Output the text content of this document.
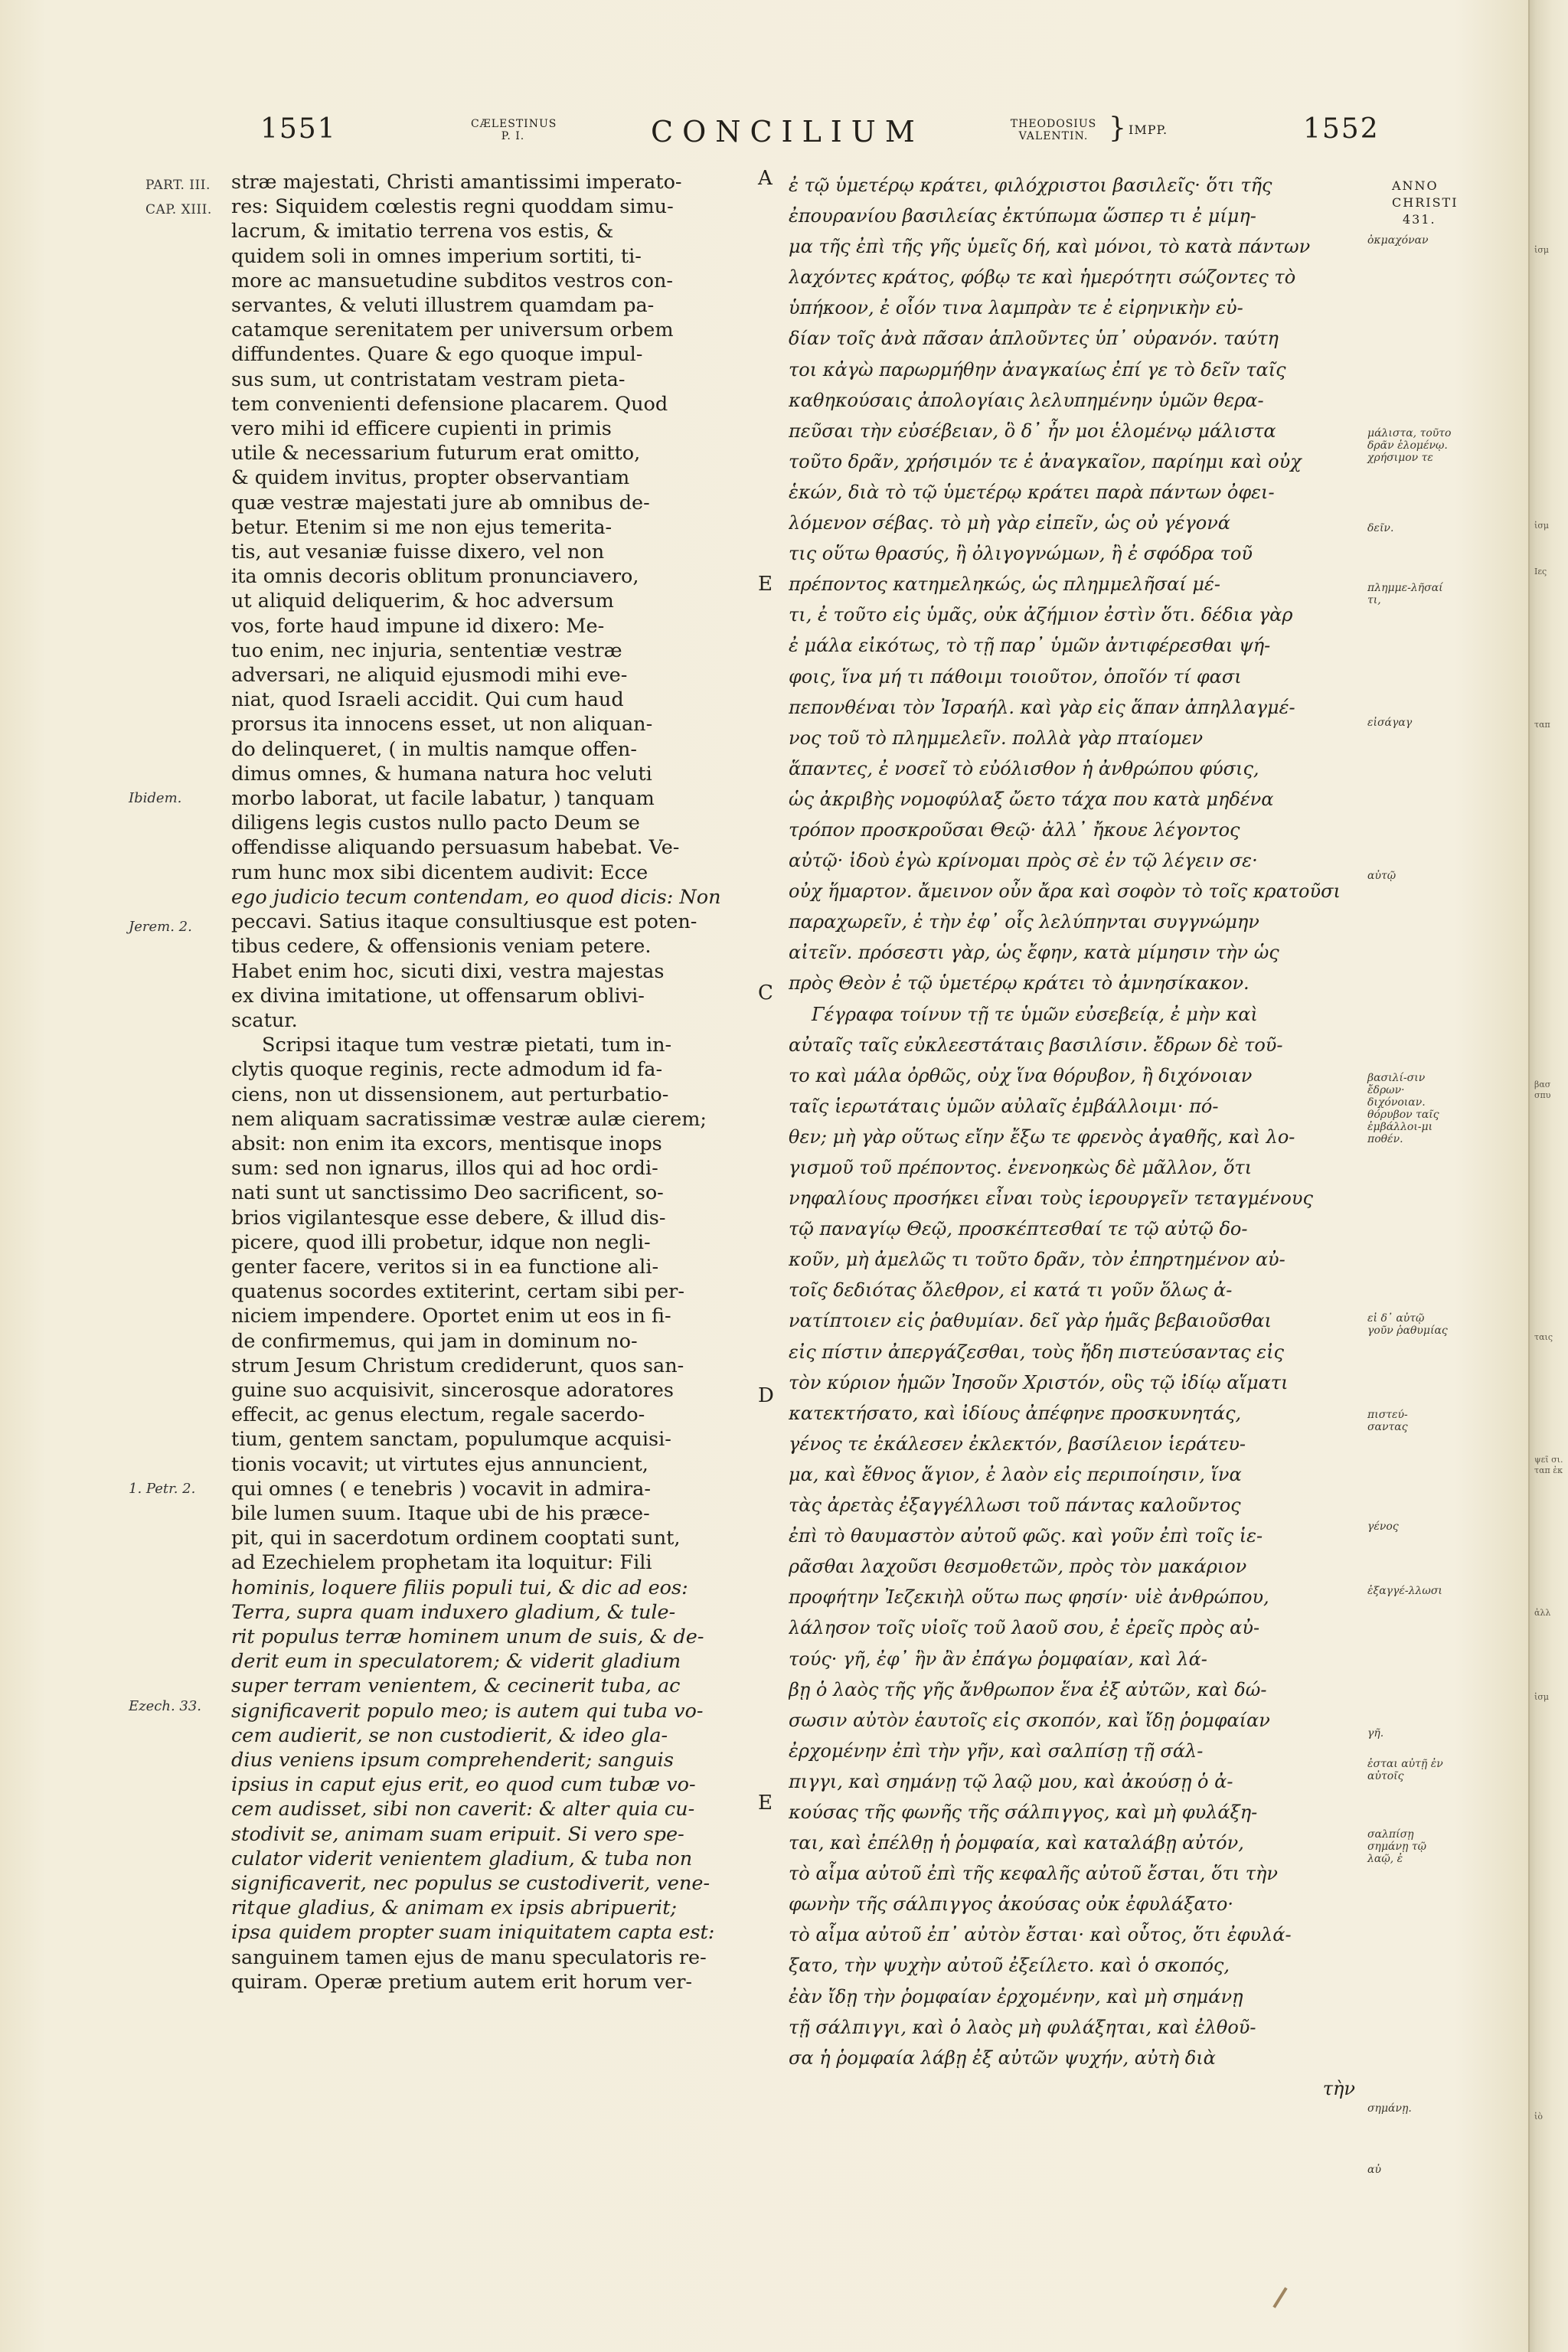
1551	CÆLESTINUS
P. I.	CONCILIUM	THEODOSIUS
VALENTIN. } IMPP.	1552
PART. III.
CAP. XIII.
Ibidem.
Jerem. 2.
1. Petr. 2.
Ezech. 33.
A
E
C
D
E
stræ majestati, Christi amantissimi imperato-
res: Siquidem cœlestis regni quoddam simu-
lacrum, & imitatio terrena vos estis, &
quidem soli in omnes imperium sortiti, ti-
more ac mansuetudine subditos vestros con-
servantes, & veluti illustrem quamdam pa-
catamque serenitatem per universum orbem
diffundentes. Quare & ego quoque impul-
sus sum, ut contristatam vestram pieta-
tem convenienti defensione placarem. Quod
vero mihi id efficere cupienti in primis
utile & necessarium futurum erat omitto,
& quidem invitus, propter observantiam
quæ vestræ majestati jure ab omnibus de-
betur. Etenim si me non ejus temerita-
tis, aut vesaniæ fuisse dixero, vel non
ita omnis decoris oblitum pronunciavero,
ut aliquid deliquerim, & hoc adversum
vos, forte haud impune id dixero: Me-
tuo enim, nec injuria, sententiæ vestræ
adversari, ne aliquid ejusmodi mihi eve-
niat, quod Israeli accidit. Qui cum haud
prorsus ita innocens esset, ut non aliquan-
do delinqueret, ( in multis namque offen-
dimus omnes, & humana natura hoc veluti
morbo laborat, ut facile labatur, ) tanquam
diligens legis custos nullo pacto Deum se
offendisse aliquando persuasum habebat. Ve-
rum hunc mox sibi dicentem audivit: Ecce
ego judicio tecum contendam, eo quod dicis: Non
peccavi. Satius itaque consultiusque est poten-
tibus cedere, & offensionis veniam petere.
Habet enim hoc, sicuti dixi, vestra majestas
ex divina imitatione, ut offensarum oblivi-
scatur.
Scripsi itaque tum vestræ pietati, tum in-
clytis quoque reginis, recte admodum id fa-
ciens, non ut dissensionem, aut perturbatio-
nem aliquam sacratissimæ vestræ aulæ cierem;
absit: non enim ita excors, mentisque inops
sum: sed non ignarus, illos qui ad hoc ordi-
nati sunt ut sanctissimo Deo sacrificent, so-
brios vigilantesque esse debere, & illud dis-
picere, quod illi probetur, idque non negli-
genter facere, veritos si in ea functione ali-
quatenus socordes extiterint, certam sibi per-
niciem impendere. Oportet enim ut eos in fi-
de confirmemus, qui jam in dominum no-
strum Jesum Christum crediderunt, quos san-
guine suo acquisivit, sincerosque adoratores
effecit, ac genus electum, regale sacerdo-
tium, gentem sanctam, populumque acquisi-
tionis vocavit; ut virtutes ejus annuncient,
qui omnes ( e tenebris ) vocavit in admira-
bile lumen suum. Itaque ubi de his præce-
pit, qui in sacerdotum ordinem cooptati sunt,
ad Ezechielem prophetam ita loquitur: Fili
hominis, loquere filiis populi tui, & dic ad eos:
Terra, supra quam induxero gladium, & tule-
rit populus terræ hominem unum de suis, & de-
derit eum in speculatorem; & viderit gladium
super terram venientem, & cecinerit tuba, ac
significaverit populo meo; is autem qui tuba vo-
cem audierit, se non custodierit, & ideo gla-
dius veniens ipsum comprehenderit; sanguis
ipsius in caput ejus erit, eo quod cum tubæ vo-
cem audisset, sibi non caverit: & alter quia cu-
stodivit se, animam suam eripuit. Si vero spe-
culator viderit venientem gladium, & tuba non
significaverit, nec populus se custodiverit, vene-
ritque gladius, & animam ex ipsis abripuerit;
ipsa quidem propter suam iniquitatem capta est:
sanguinem tamen ejus de manu speculatoris re-
quiram. Operæ pretium autem erit horum ver-
ἐ τῷ ὑμετέρῳ κράτει, φιλόχριστοι βασιλεῖς· ὅτι τῆς
ἐπουρανίου βασιλείας ἐκτύπωμα ὥσπερ τι ἐ μίμη-
μα τῆς ἐπὶ τῆς γῆς ὑμεῖς δή, καὶ μόνοι, τὸ κατὰ πάντων
λαχόντες κράτος, φόβῳ τε καὶ ἡμερότητι σώζοντες τὸ
ὑπήκοον, ἐ οἷόν τινα λαμπρὰν τε ἐ εἰρηνικὴν εὐ-
δίαν τοῖς ἀνὰ πᾶσαν ἁπλοῦντες ὑπ᾽ οὐρανόν. ταύτη
τοι κἀγὼ παρωρμήθην ἀναγκαίως ἐπί γε τὸ δεῖν ταῖς
καθηκούσαις ἀπολογίαις λελυπημένην ὑμῶν θερα-
πεῦσαι τὴν εὐσέβειαν, ὃ δ᾽ ἦν μοι ἑλομένῳ μάλιστα
τοῦτο δρᾶν, χρήσιμόν τε ἐ ἀναγκαῖον, παρίημι καὶ οὐχ
ἑκών, διὰ τὸ τῷ ὑμετέρῳ κράτει παρὰ πάντων ὀφει-
λόμενον σέβας. τὸ μὴ γὰρ εἰπεῖν, ὡς οὐ γέγονά
τις οὕτω θρασύς, ἢ ὀλιγογνώμων, ἢ ἐ σφόδρα τοῦ
πρέποντος κατημεληκώς, ὡς πλημμελῆσαί μέ-
τι, ἐ τοῦτο εἰς ὑμᾶς, οὐκ ἀζήμιον ἐστὶν ὅτι. δέδια γὰρ
ἐ μάλα εἰκότως, τὸ τῇ παρ᾽ ὑμῶν ἀντιφέρεσθαι ψή-
φοις, ἵνα μή τι πάθοιμι τοιοῦτον, ὁποῖόν τί φασι
πεπονθέναι τὸν Ἰσραήλ. καὶ γὰρ εἰς ἅπαν ἀπηλλαγμέ-
νος τοῦ τὸ πλημμελεῖν. πολλὰ γὰρ πταίομεν
ἅπαντες, ἐ νοσεῖ τὸ εὐόλισθον ἡ ἀνθρώπου φύσις,
ὡς ἀκριβὴς νομοφύλαξ ὤετο τάχα που κατὰ μηδένα
τρόπον προσκροῦσαι Θεῷ· ἀλλ᾽ ἤκουε λέγοντος
αὐτῷ· ἰδοὺ ἐγὼ κρίνομαι πρὸς σὲ ἐν τῷ λέγειν σε·
οὐχ ἥμαρτον. ἄμεινον οὖν ἄρα καὶ σοφὸν τὸ τοῖς κρατοῦσι
παραχωρεῖν, ἐ τὴν ἐφ᾽ οἷς λελύπηνται συγγνώμην
αἰτεῖν. πρόσεστι γὰρ, ὡς ἔφην, κατὰ μίμησιν τὴν ὡς
πρὸς Θεὸν ἐ τῷ ὑμετέρῳ κράτει τὸ ἀμνησίκακον.
Γέγραφα τοίνυν τῇ τε ὑμῶν εὐσεβείᾳ, ἐ μὴν καὶ
αὐταῖς ταῖς εὐκλεεστάταις βασιλίσιν. ἔδρων δὲ τοῦ-
το καὶ μάλα ὀρθῶς, οὐχ ἵνα θόρυβον, ἢ διχόνοιαν
ταῖς ἱερωτάταις ὑμῶν αὐλαῖς ἐμβάλλοιμι· πό-
θεν; μὴ γὰρ οὕτως εἴην ἔξω τε φρενὸς ἀγαθῆς, καὶ λο-
γισμοῦ τοῦ πρέποντος. ἐνενοηκὼς δὲ μᾶλλον, ὅτι
νηφαλίους προσήκει εἶναι τοὺς ἱερουργεῖν τεταγμένους
τῷ παναγίῳ Θεῷ, προσκέπτεσθαί τε τῷ αὐτῷ δο-
κοῦν, μὴ ἀμελῶς τι τοῦτο δρᾶν, τὸν ἐπηρτημένον αὐ-
τοῖς δεδιότας ὄλεθρον, εἰ κατά τι γοῦν ὅλως ἀ-
νατίπτοιεν εἰς ῥαθυμίαν. δεῖ γὰρ ἡμᾶς βεβαιοῦσθαι
εἰς πίστιν ἀπεργάζεσθαι, τοὺς ἤδη πιστεύσαντας εἰς
τὸν κύριον ἡμῶν Ἰησοῦν Χριστόν, οὓς τῷ ἰδίῳ αἵματι
κατεκτήσατο, καὶ ἰδίους ἀπέφηνε προσκυνητάς,
γένος τε ἐκάλεσεν ἐκλεκτόν, βασίλειον ἱεράτευ-
μα, καὶ ἔθνος ἅγιον, ἐ λαὸν εἰς περιποίησιν, ἵνα
τὰς ἀρετὰς ἐξαγγέλλωσι τοῦ πάντας καλοῦντος
ἐπὶ τὸ θαυμαστὸν αὐτοῦ φῶς. καὶ γοῦν ἐπὶ τοῖς ἱε-
ρᾶσθαι λαχοῦσι θεσμοθετῶν, πρὸς τὸν μακάριον
προφήτην Ἰεζεκιὴλ οὕτω πως φησίν· υἱὲ ἀνθρώπου,
λάλησον τοῖς υἱοῖς τοῦ λαοῦ σου, ἐ ἐρεῖς πρὸς αὐ-
τούς· γῆ, ἐφ᾽ ἣν ἂν ἐπάγω ῥομφαίαν, καὶ λά-
βῃ ὁ λαὸς τῆς γῆς ἄνθρωπον ἕνα ἐξ αὐτῶν, καὶ δώ-
σωσιν αὐτὸν ἑαυτοῖς εἰς σκοπόν, καὶ ἴδῃ ῥομφαίαν
ἐρχομένην ἐπὶ τὴν γῆν, καὶ σαλπίσῃ τῇ σάλ-
πιγγι, καὶ σημάνῃ τῷ λαῷ μου, καὶ ἀκούσῃ ὁ ἀ-
κούσας τῆς φωνῆς τῆς σάλπιγγος, καὶ μὴ φυλάξη-
ται, καὶ ἐπέλθῃ ἡ ῥομφαία, καὶ καταλάβῃ αὐτόν,
τὸ αἷμα αὐτοῦ ἐπὶ τῆς κεφαλῆς αὐτοῦ ἔσται, ὅτι τὴν
φωνὴν τῆς σάλπιγγος ἀκούσας οὐκ ἐφυλάξατο·
τὸ αἷμα αὐτοῦ ἐπ᾽ αὐτὸν ἔσται· καὶ οὗτος, ὅτι ἐφυλά-
ξατο, τὴν ψυχὴν αὐτοῦ ἐξείλετο. καὶ ὁ σκοπός,
ἐὰν ἴδῃ τὴν ῥομφαίαν ἐρχομένην, καὶ μὴ σημάνῃ
τῇ σάλπιγγι, καὶ ὁ λαὸς μὴ φυλάξηται, καὶ ἐλθοῦ-
σα ἡ ῥομφαία λάβῃ ἐξ αὐτῶν ψυχήν, αὐτὴ διὰ
τὴν
ANNO
CHRISTI
431.
ὀκμαχόναν
μάλιστα, τοῦτο δρᾶν ἑλομένῳ. χρήσιμον τε
δεῖν.
πλημμε-λῆσαί τι,
εἰσάγαγ
αὐτῷ
βασιλί-σιν ἔδρων· διχόνοιαν. θόρυβον ταῖς ἐμβάλλοι-μι ποθέν.
εἰ δ᾽ αὐτῷ γοῦν ῥαθυμίας
πιστεύ-σαντας
γένος
ἐξαγγέ-λλωσι
γῆ.
ἐσται αὐτῇ ἐν αὐτοῖς
σαλπίσῃ σημάνῃ τῷ λαῷ, ἐ
σημάνῃ.
αὐ
ἰσμ
Iες
ἰσμ
ταπ
βασ σπυ
ταις
ψεῖ σι. ταπ ἐκ
ἀλλ
ἰσμ
ἰὸ
